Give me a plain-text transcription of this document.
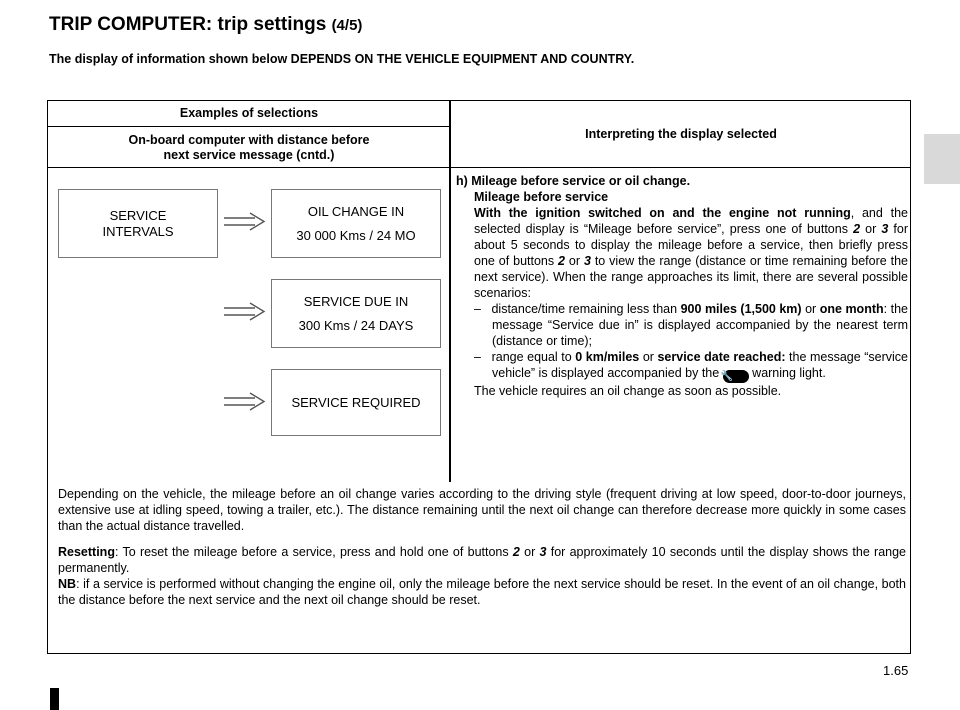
TRIP COMPUTER: trip settings (4/5)
The display of information shown below DEPENDS ON THE VEHICLE EQUIPMENT AND COUNTRY.
Examples of selections
Interpreting the display selected
On-board computer with distance before
next service message (cntd.)
SERVICE
INTERVALS
OIL CHANGE IN
30 000 Kms / 24 MO
SERVICE DUE IN
300 Kms / 24 DAYS
SERVICE REQUIRED
h) Mileage before service or oil change.
Mileage before service
With the ignition switched on and the engine not running, and the selected display is “Mileage before service”, press one of buttons 2 or 3 for about 5 seconds to display the mileage before a service, then briefly press one of buttons 2 or 3 to view the range (distance or time remaining before the next service). When the range approaches its limit, there are several possible scenarios:
– distance/time remaining less than 900 miles (1,500 km) or one month: the message “Service due in” is displayed accompanied by the nearest term (distance or time);
– range equal to 0 km/miles or service date reached: the message “service vehicle” is displayed accompanied by the 🔧 warning light.
The vehicle requires an oil change as soon as possible.
Depending on the vehicle, the mileage before an oil change varies according to the driving style (frequent driving at low speed, door-to-door journeys, extensive use at idling speed, towing a trailer, etc.). The distance remaining until the next oil change can therefore decrease more quickly in some cases than the actual distance travelled.
Resetting: To reset the mileage before a service, press and hold one of buttons 2 or 3 for approximately 10 seconds until the display shows the range permanently.
NB: if a service is performed without changing the engine oil, only the mileage before the next service should be reset. In the event of an oil change, both the distance before the next service and the next oil change should be reset.
1.65
